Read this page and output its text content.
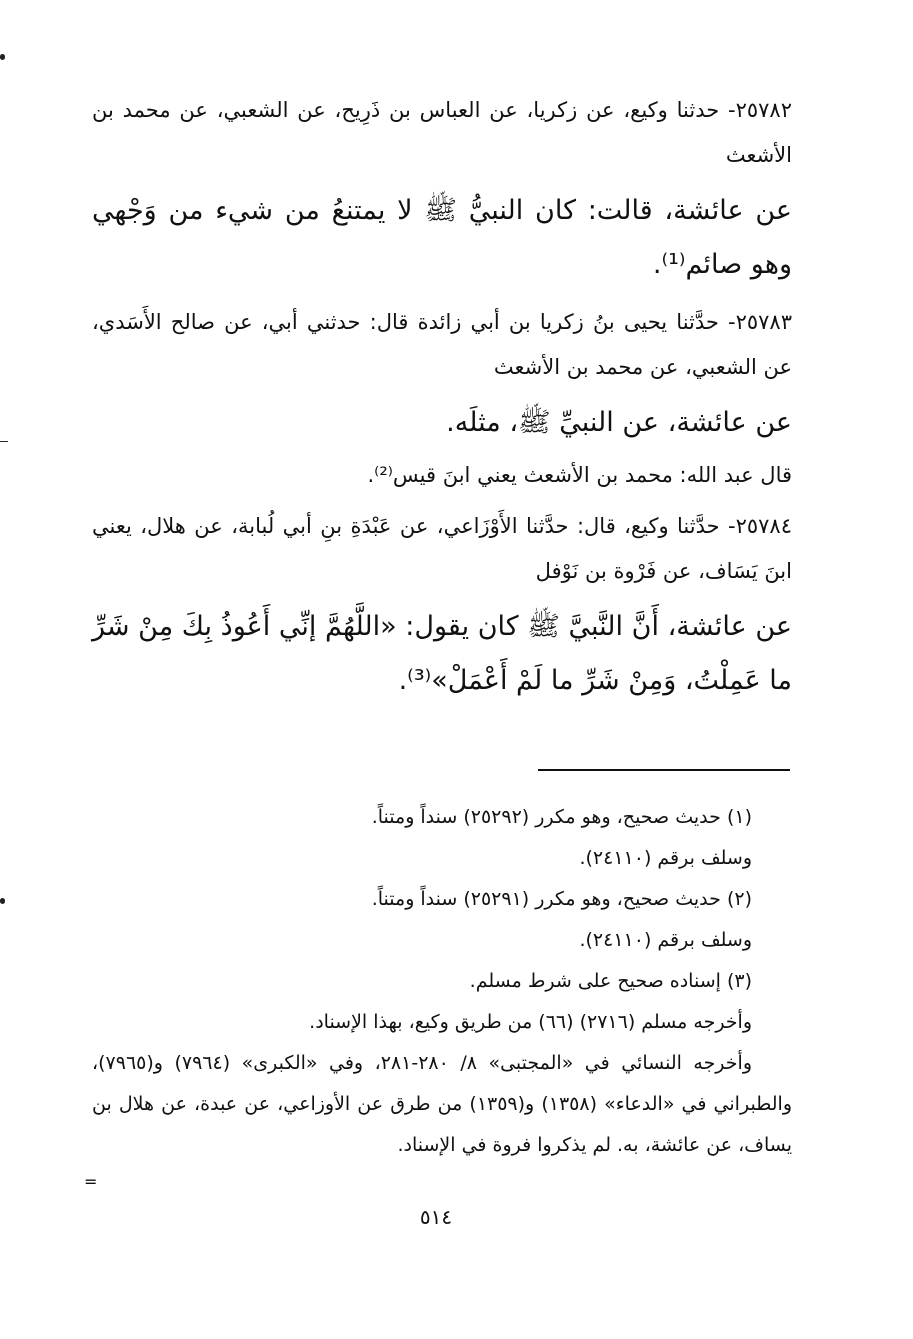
٢٥٧٨٢- حدثنا وكيع، عن زكريا، عن العباس بن ذَرِيح، عن الشعبي، عن محمد بن الأشعث
عن عائشة، قالت: كان النبيُّ ﷺ لا يمتنعُ من شيء من وَجْهي وهو صائم⁽¹⁾.
٢٥٧٨٣- حدَّثنا يحيى بنُ زكريا بن أبي زائدة قال: حدثني أبي، عن صالح الأَسَدي، عن الشعبي، عن محمد بن الأشعث
عن عائشة، عن النبيِّ ﷺ، مثلَه.
قال عبد الله: محمد بن الأشعث يعني ابنَ قيس⁽²⁾.
٢٥٧٨٤- حدَّثنا وكيع، قال: حدَّثنا الأَوْزَاعي، عن عَبْدَةِ بنِ أبي لُبابة، عن هلال، يعني ابنَ يَسَاف، عن فَرْوة بن نَوْفل
عن عائشة، أَنَّ النَّبيَّ ﷺ كان يقول: «اللَّهُمَّ إنِّي أَعُوذُ بِكَ مِنْ شَرِّ ما عَمِلْتُ، وَمِنْ شَرِّ ما لَمْ أَعْمَلْ»⁽³⁾.
(١) حديث صحيح، وهو مكرر (٢٥٢٩٢) سنداً ومتناً.
وسلف برقم (٢٤١١٠).
(٢) حديث صحيح، وهو مكرر (٢٥٢٩١) سنداً ومتناً.
وسلف برقم (٢٤١١٠).
(٣) إسناده صحيح على شرط مسلم.
وأخرجه مسلم (٢٧١٦) (٦٦) من طريق وكيع، بهذا الإسناد.
وأخرجه النسائي في «المجتبى» ٨/ ٢٨٠-٢٨١، وفي «الكبرى» (٧٩٦٤) و(٧٩٦٥)، والطبراني في «الدعاء» (١٣٥٨) و(١٣٥٩) من طرق عن الأوزاعي، عن عبدة، عن هلال بن يساف، عن عائشة، به. لم يذكروا فروة في الإسناد.
=
٥١٤
